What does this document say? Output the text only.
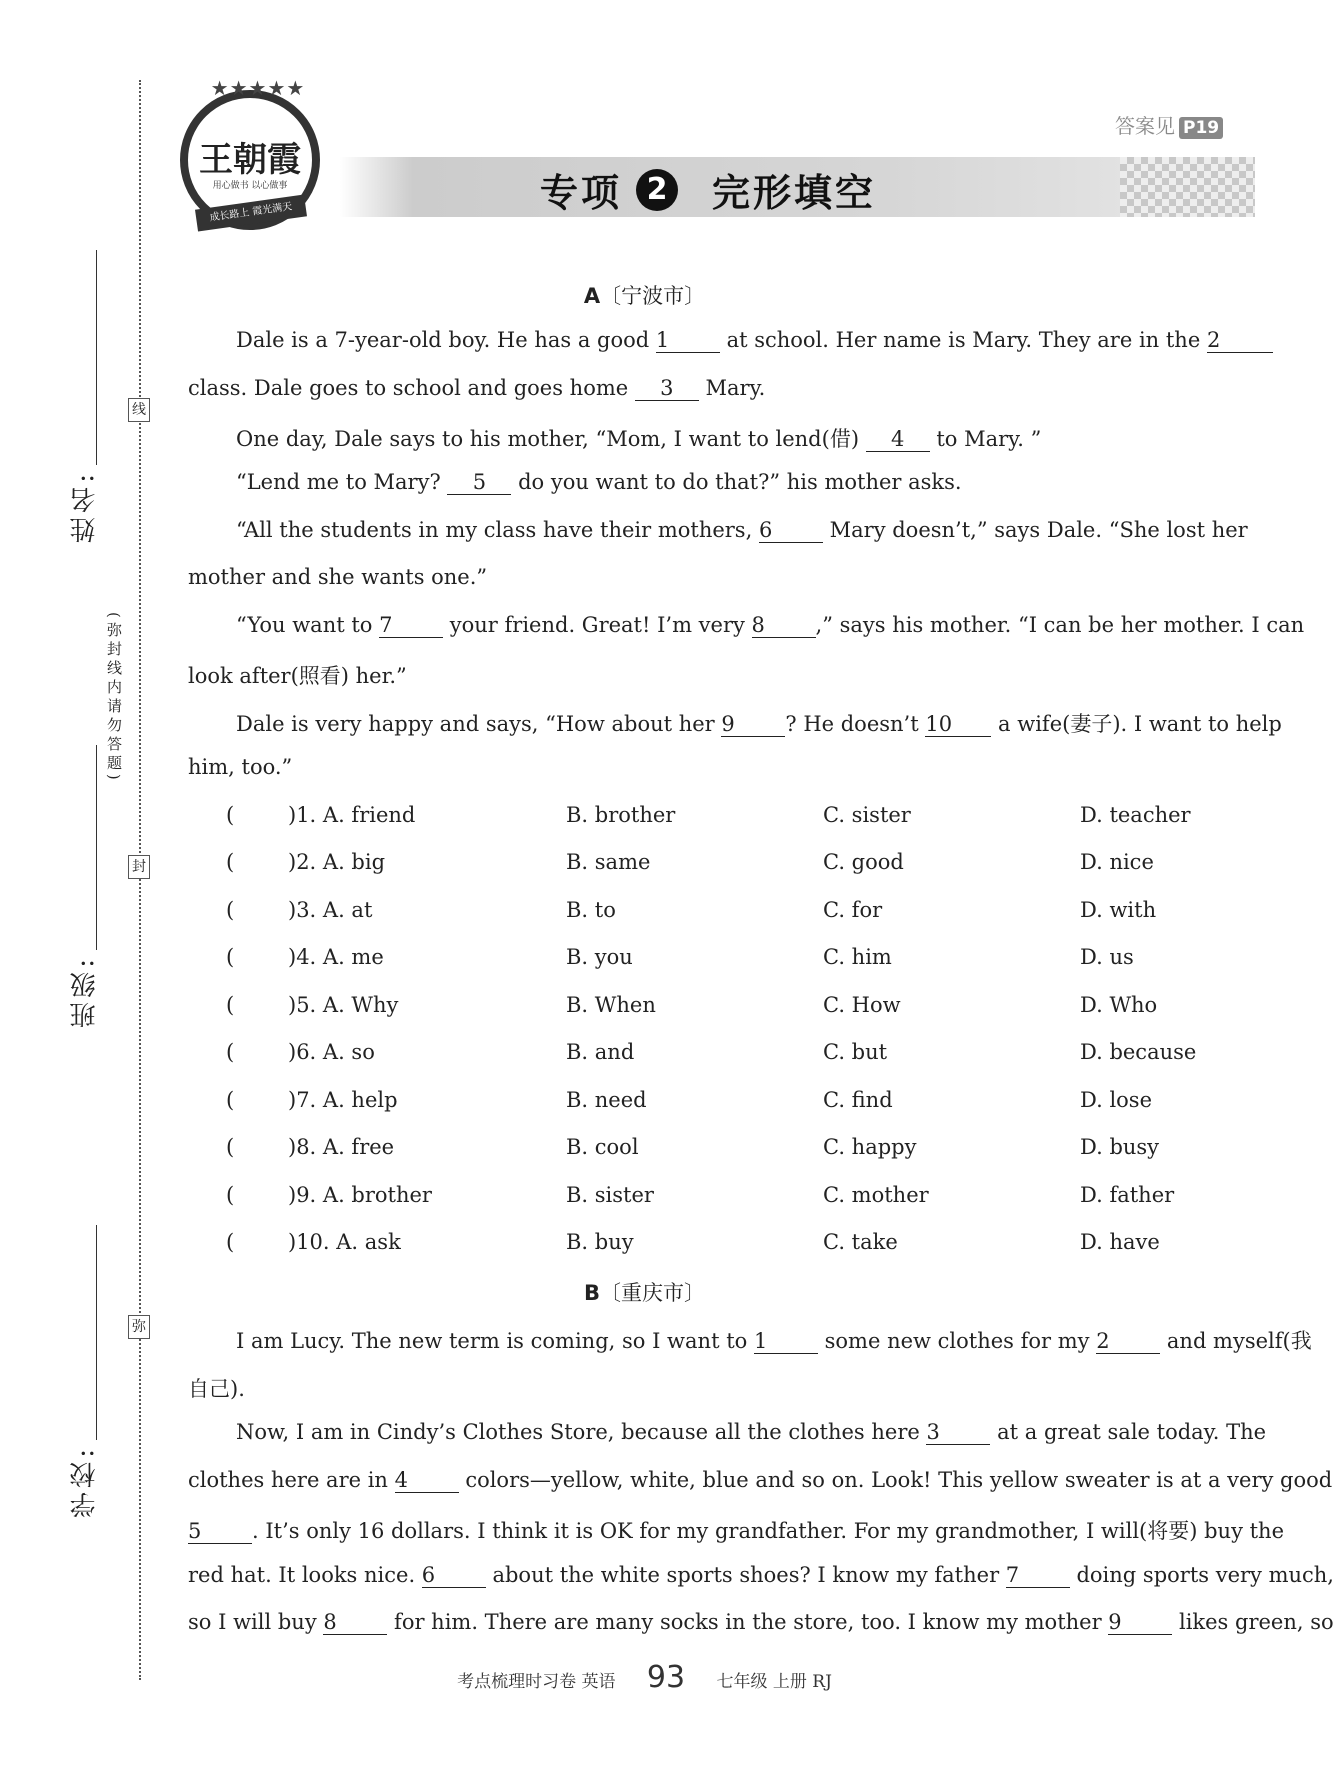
线
封
弥
姓名:
班级:
学校:
(弥封线内请勿答题)
★★★★★
王朝霞
用心做书 以心做事
成长路上 霞光满天	专项 2 完形填空
答案见 P19
A〔宁波市〕
Dale is a 7-year-old boy. He has a good 1 at school. Her name is Mary. They are in the 2
class. Dale goes to school and goes home 3 Mary.
One day, Dale says to his mother, “Mom, I want to lend(借) 4 to Mary. ”
“Lend me to Mary? 5 do you want to do that?” his mother asks.
“All the students in my class have their mothers, 6 Mary doesn’t,” says Dale. “She lost her
mother and she wants one.”
“You want to 7 your friend. Great! I’m very 8 ,” says his mother. “I can be her mother. I can
look after(照看) her.”
Dale is very happy and says, “How about her 9 ? He doesn’t 10 a wife(妻子). I want to help
him, too.”
(	)1. A. friend	B. brother	C. sister	D. teacher
(	)2. A. big	B. same	C. good	D. nice
(	)3. A. at	B. to	C. for	D. with
(	)4. A. me	B. you	C. him	D. us
(	)5. A. Why	B. When	C. How	D. Who
(	)6. A. so	B. and	C. but	D. because
(	)7. A. help	B. need	C. find	D. lose
(	)8. A. free	B. cool	C. happy	D. busy
(	)9. A. brother	B. sister	C. mother	D. father
(	)10. A. ask	B. buy	C. take	D. have
B〔重庆市〕
I am Lucy. The new term is coming, so I want to 1 some new clothes for my 2 and myself(我
自己).
Now, I am in Cindy’s Clothes Store, because all the clothes here 3 at a great sale today. The
clothes here are in 4 colors—yellow, white, blue and so on. Look! This yellow sweater is at a very good
5 . It’s only 16 dollars. I think it is OK for my grandfather. For my grandmother, I will(将要) buy the
red hat. It looks nice. 6 about the white sports shoes? I know my father 7 doing sports very much,
so I will buy 8 for him. There are many socks in the store, too. I know my mother 9 likes green, so
考点梳理时习卷 英语 93 七年级 上册 RJ
